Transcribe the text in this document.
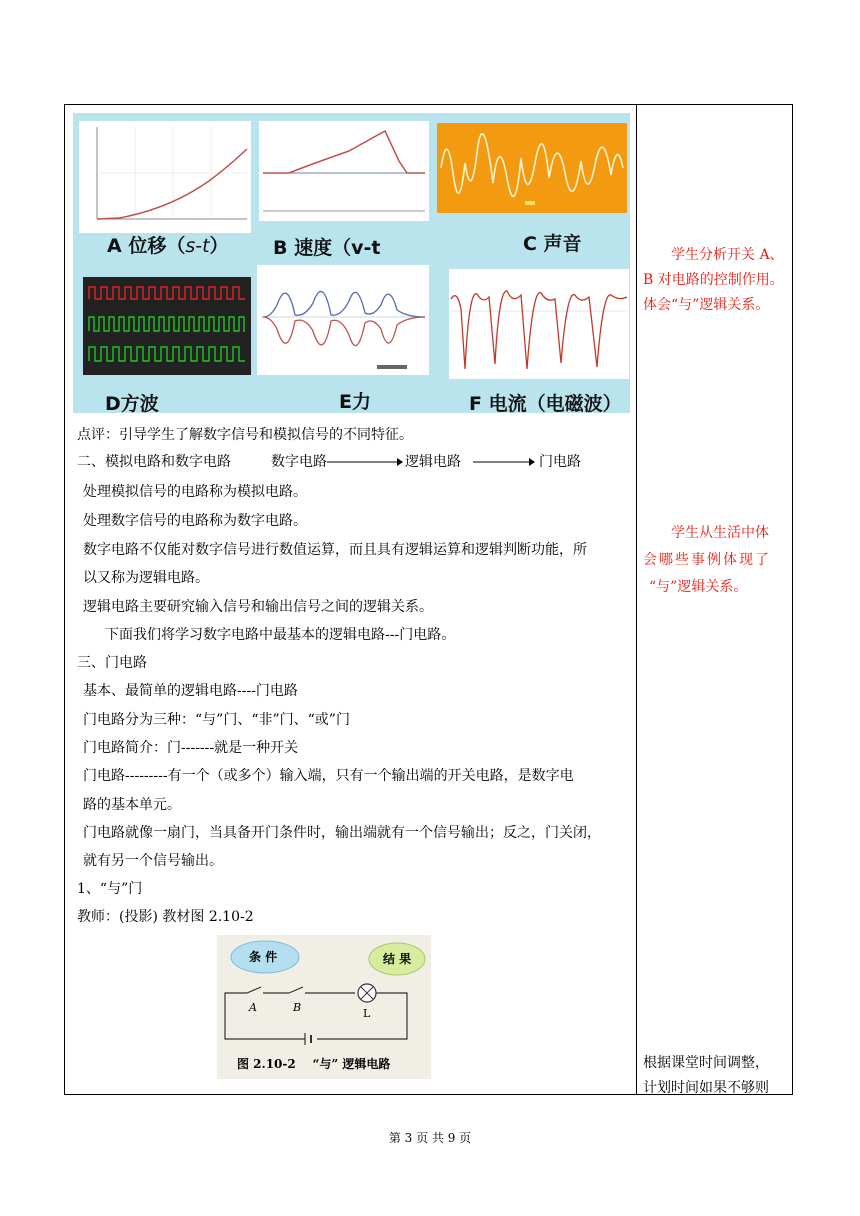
A 位移（s-t） B 速度（v-t	C 声音
D方波	E力	F 电流（电磁波）
点评：引导学生了解数字信号和模拟信号的不同特征。
二、模拟电路和数字电路	数字电路	逻辑电路	门电路
处理模拟信号的电路称为模拟电路。
处理数字信号的电路称为数字电路。
数字电路不仅能对数字信号进行数值运算，而且具有逻辑运算和逻辑判断功能，所
以又称为逻辑电路。
逻辑电路主要研究输入信号和输出信号之间的逻辑关系。
下面我们将学习数字电路中最基本的逻辑电路---门电路。
三、门电路
基本、最简单的逻辑电路----门电路
门电路分为三种：“与”门、“非”门、“或”门
门电路简介：门-------就是一种开关
门电路---------有一个（或多个）输入端，只有一个输出端的开关电路，是数字电
路的基本单元。
门电路就像一扇门，当具备开门条件时，输出端就有一个信号输出；反之，门关闭，
就有另一个信号输出。
1、“与”门
教师：(投影) 教材图 2.10-2
条 件	结 果
A	B	L
图 2.10-2    “与” 逻辑电路
学生分析开关 A、
B 对电路的控制作用。
体会“与”逻辑关系。
学生从生活中体
会哪些事例体现了
“与”逻辑关系。
根据课堂时间调整，
计划时间如果不够则
第 3 页 共 9 页
